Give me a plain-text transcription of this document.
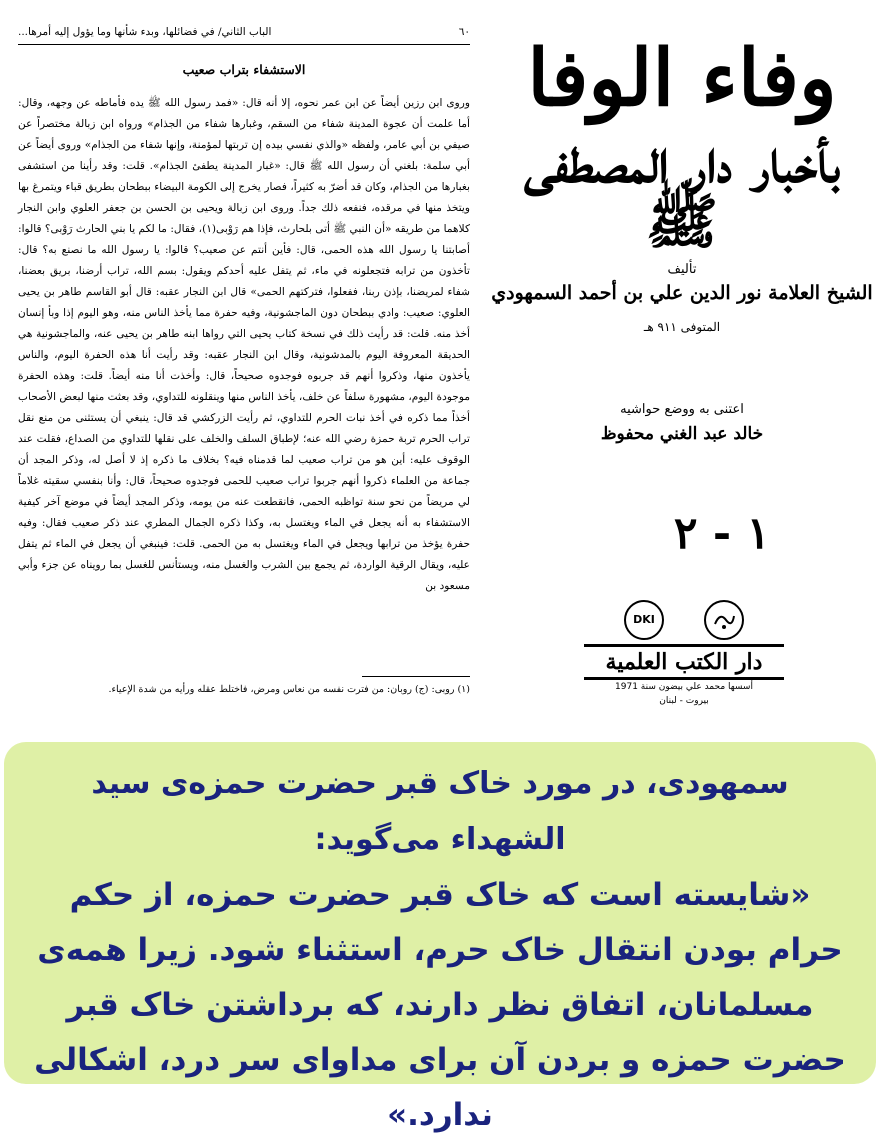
٦٠
الباب الثاني/ في فضائلها، وبدء شأنها وما يؤول إليه أمرها...
الاستشفاء بتراب صعيب

وروى ابن رزين أيضاً عن ابن عمر نحوه، إلا أنه قال: «فمد رسول الله ﷺ يده فأماطه عن وجهه، وقال: أما علمت أن عجوة المدينة شفاء من السقم، وغبارها شفاء من الجذام» ورواه ابن زبالة مختصراً عن صيفي بن أبي عامر، ولفظه «والذي نفسي بيده إن تربتها لمؤمنة، وإنها شفاء من الجذام» وروى أيضاً عن أبي سلمة: بلغني أن رسول الله ﷺ قال: «غبار المدينة يطفئ الجذام». قلت: وقد رأينا من استشفى بغبارها من الجذام، وكان قد أضرّ به كثيراً، فصار يخرج إلى الكومة البيضاء ببطحان بطريق قباء ويتمرغ بها ويتخذ منها في مرقده، فنفعه ذلك جداً. وروى ابن زبالة ويحيى بن الحسن بن جعفر العلوي وابن النجار كلاهما من طريقه «أن النبي ﷺ أتى بلحارث، فإذا هم رَوْبى(١)، فقال: ما لكم يا بني الحارث رَوْبى؟ قالوا: أصابتنا يا رسول الله هذه الحمى، قال: فأين أنتم عن صعيب؟ قالوا: يا رسول الله ما نصنع به؟ قال: تأخذون من ترابه فتجعلونه في ماء، ثم يتفل عليه أحدكم ويقول: بسم الله، تراب أرضنا، بريق بعضنا، شفاء لمريضنا، بإذن ربنا، ففعلوا، فتركتهم الحمى» قال ابن النجار عقبه: قال أبو القاسم طاهر بن يحيى العلوي: صعيب: وادي ببطحان دون الماجشونية، وفيه حفرة مما يأخذ الناس منه، وهو اليوم إذا وبأ إنسان أخذ منه. قلت: قد رأيت ذلك في نسخة كتاب يحيى التي رواها ابنه طاهر بن يحيى عنه، والماجشونية هي الحديقة المعروفة اليوم بالمدشونية، وقال ابن النجار عقبه: وقد رأيت أنا هذه الحفرة اليوم، والناس يأخذون منها، وذكروا أنهم قد جربوه فوجدوه صحيحاً، قال: وأخذت أنا منه أيضاً. قلت: وهذه الحفرة موجودة اليوم، مشهورة سلفاً عن خلف، يأخذ الناس منها وينقلونه للتداوي، وقد بعثت منها لبعض الأصحاب أخذاً مما ذكره في أخذ نبات الحرم للتداوي، ثم رأيت الزركشي قد قال: ينبغي أن يستثنى من منع نقل تراب الحرم تربة حمزة رضي الله عنه؛ لإطباق السلف والخلف على نقلها للتداوي من الصداع، فقلت عند الوقوف عليه: أين هو من تراب صعيب لما قدمناه فيه؟ بخلاف ما ذكره إذ لا أصل له، وذكر المجد أن جماعة من العلماء ذكروا أنهم جربوا تراب صعيب للحمى فوجدوه صحيحاً، قال: وأنا بنفسي سقيته غلاماً لي مريضاً من نحو سنة تواظبه الحمى، فانقطعت عنه من يومه، وذكر المجد أيضاً في موضع آخر كيفية الاستشفاء به أنه يجعل في الماء ويغتسل به، وكذا ذكره الجمال المطري عند ذكر صعيب فقال: وفيه حفرة يؤخذ من ترابها ويجعل في الماء ويغتسل به من الحمى. قلت: فينبغي أن يجعل في الماء ثم يتفل عليه، ويقال الرقية الواردة، ثم يجمع بين الشرب والغسل منه، ويستأنس للغسل بما رويناه عن جزء وأبي مسعود بن

(١) روبى: (ج) روبان: من فترت نفسه من نعاس ومرض، فاختلط عقله ورأيه من شدة الإعياء.
وفاء الوفا
بأخبار دار المصطفى ﷺ
تأليف
الشيخ العلامة نور الدين علي بن أحمد السمهودي
المتوفى ٩١١ هـ
اعتنى به ووضع حواشيه
خالد عبد الغني محفوظ
١ - ٢
DKI
دار الكتب العلمية
أسسها محمد علي بيضون سنة 1971
بيروت - لبنان

سمهودی، در مورد خاک قبر حضرت حمزه‌ی سید الشهداء می‌گوید:

«شایسته است که خاک قبر حضرت حمزه، از حکم حرام بودن انتقال خاک حرم، استثناء شود. زیرا همه‌ی مسلمانان، اتفاق نظر دارند، که برداشتن خاک قبر حضرت حمزه و بردن آن برای مداوای سر درد، اشکالی ندارد.»
